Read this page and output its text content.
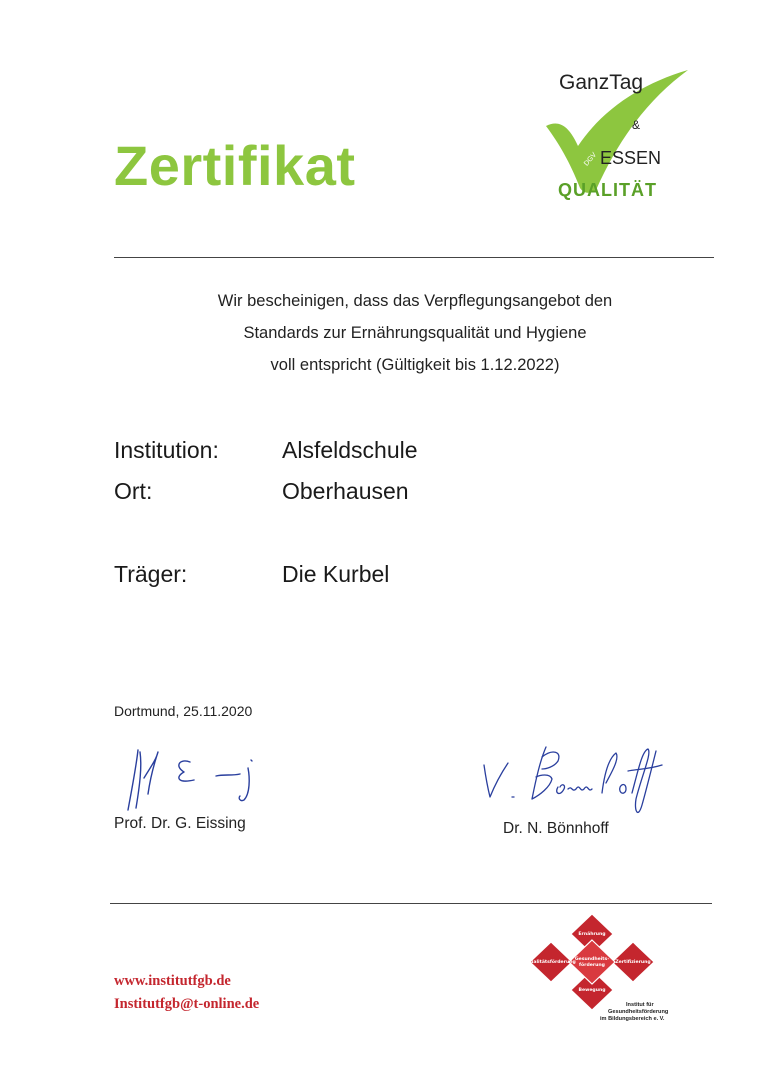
Zertifikat
GanzTag
&
DGV ESSEN
QUALITÄT
Wir bescheinigen, dass das Verpflegungsangebot den
Standards zur Ernährungsqualität und Hygiene
voll entspricht (Gültigkeit bis 1.12.2022)
Institution:	Alsfeldschule
Ort:	Oberhausen
Träger:	Die Kurbel
Dortmund, 25.11.2020
Prof. Dr. G. Eissing	Dr. N. Bönnhoff
www.institutfgb.de
Institutfgb@t-online.de
Ernährung
Qualitätsförderung
Gesundheits-
förderung
Zertifizierung
Bewegung
Institut für
Gesundheitsförderung
im Bildungsbereich e. V.
